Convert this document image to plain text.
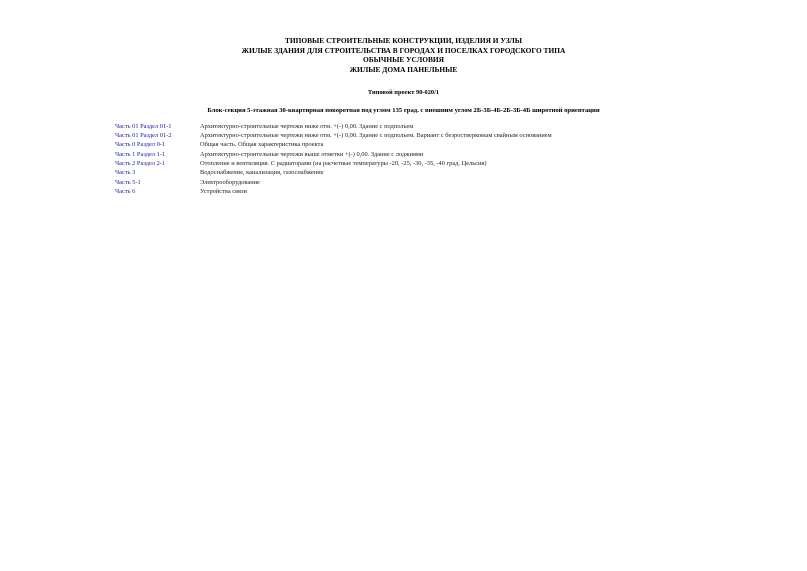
ТИПОВЫЕ СТРОИТЕЛЬНЫЕ КОНСТРУКЦИИ, ИЗДЕЛИЯ И УЗЛЫ
ЖИЛЫЕ ЗДАНИЯ ДЛЯ СТРОИТЕЛЬСТВА В ГОРОДАХ И ПОСЕЛКАХ ГОРОДСКОГО ТИПА
ОБЫЧНЫЕ УСЛОВИЯ
ЖИЛЫЕ ДОМА ПАНЕЛЬНЫЕ
Типовой проект 90-020/1
Блок-секция 5-этажная 30-квартирная поворотная под углом 135 град. с внешним углом 2Б-3Б-4Б-2Б-3Б-4Б широтной ориентации
Часть 01 Раздел 01-1	Архитектурно-строительные чертежи ниже отм. +(-) 0,00. Здание с подпольем
Часть 01 Раздел 01-2	Архитектурно-строительные чертежи ниже отм. +(-) 0,00. Здание с подпольем. Вариант с безростверковым свайным основанием
Часть 0 Раздел 0-1	Общая часть. Общая характеристика проекта
Часть 1 Раздел 1-1	Архитектурно-строительные чертежи выше отметки +(-) 0,00. Здание с лоджиями
Часть 2 Раздел 2-1	Отопление и вентиляция. С радиаторами (на расчетные температуры -20, -25, -30, -35, -40 град. Цельсия)
Часть 3	Водоснабжение, канализация, газоснабжение
Часть 5-1	Электрооборудование
Часть 6	Устройства связи
